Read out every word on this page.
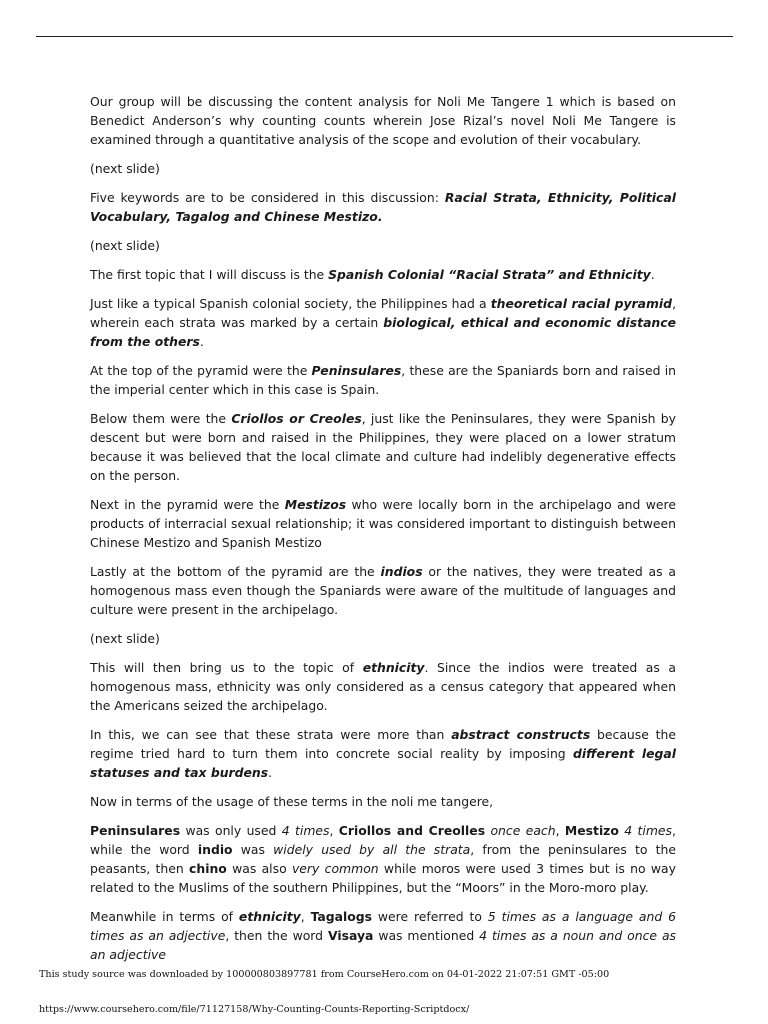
Our group will be discussing the content analysis for Noli Me Tangere 1 which is based on Benedict Anderson’s why counting counts wherein Jose Rizal’s novel Noli Me Tangere is examined through a quantitative analysis of the scope and evolution of their vocabulary.

(next slide)

Five keywords are to be considered in this discussion: Racial Strata, Ethnicity, Political Vocabulary, Tagalog and Chinese Mestizo.

(next slide)

The first topic that I will discuss is the Spanish Colonial “Racial Strata” and Ethnicity.

Just like a typical Spanish colonial society, the Philippines had a theoretical racial pyramid, wherein each strata was marked by a certain biological, ethical and economic distance from the others.

At the top of the pyramid were the Peninsulares, these are the Spaniards born and raised in the imperial center which in this case is Spain.

Below them were the Criollos or Creoles, just like the Peninsulares, they were Spanish by descent but were born and raised in the Philippines, they were placed on a lower stratum because it was believed that the local climate and culture had indelibly degenerative effects on the person.

Next in the pyramid were the Mestizos who were locally born in the archipelago and were products of interracial sexual relationship; it was considered important to distinguish between Chinese Mestizo and Spanish Mestizo

Lastly at the bottom of the pyramid are the indios or the natives, they were treated as a homogenous mass even though the Spaniards were aware of the multitude of languages and culture were present in the archipelago.

(next slide)

This will then bring us to the topic of ethnicity. Since the indios were treated as a homogenous mass, ethnicity was only considered as a census category that appeared when the Americans seized the archipelago.

In this, we can see that these strata were more than abstract constructs because the regime tried hard to turn them into concrete social reality by imposing different legal statuses and tax burdens.

Now in terms of the usage of these terms in the noli me tangere,

Peninsulares was only used 4 times, Criollos and Creolles once each, Mestizo 4 times, while the word indio was widely used by all the strata, from the peninsulares to the peasants, then chino was also very common while moros were used 3 times but is no way related to the Muslims of the southern Philippines, but the “Moors” in the Moro-moro play.

Meanwhile in terms of ethnicity, Tagalogs were referred to 5 times as a language and 6 times as an adjective, then the word Visaya was mentioned 4 times as a noun and once as an adjective

This study source was downloaded by 100000803897781 from CourseHero.com on 04-01-2022 21:07:51 GMT -05:00
https://www.coursehero.com/file/71127158/Why-Counting-Counts-Reporting-Scriptdocx/
